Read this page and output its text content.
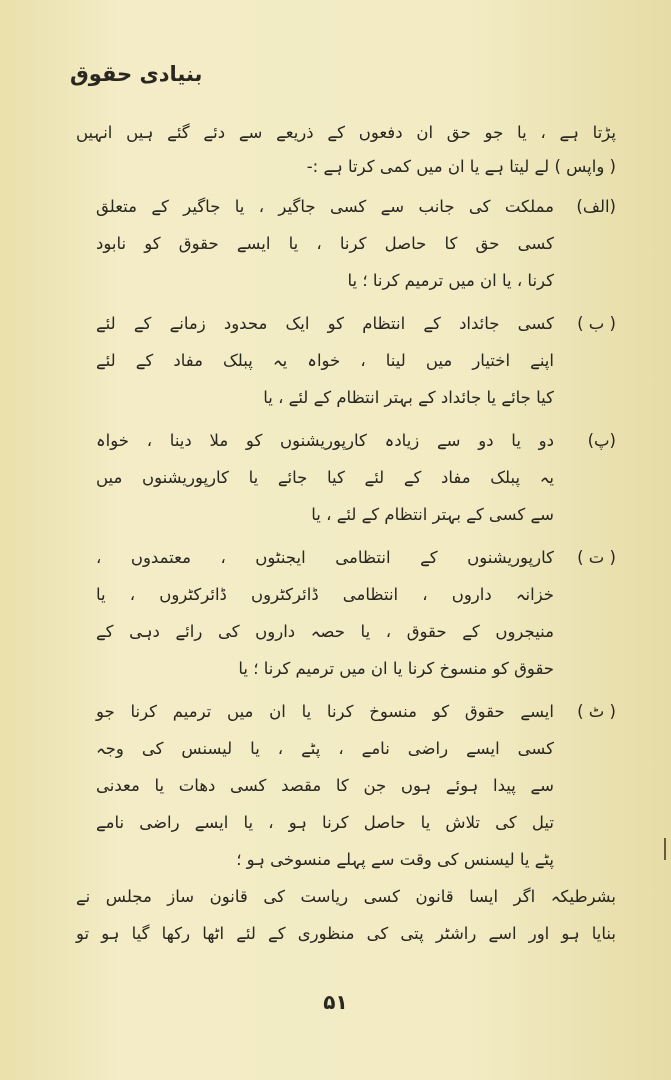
بنیادی حقوق

پڑتا ہے ، یا جو حق ان دفعوں کے ذریعے سے دئے گئے ہیں انہیں

( واپس ) لے لیتا ہے یا ان میں کمی کرتا ہے :-

(الف)

مملکت کی جانب سے کسی جاگیر ، یا جاگیر کے متعلق

کسی حق کا حاصل کرنا ، یا ایسے حقوق کو نابود

کرنا ، یا ان میں ترمیم کرنا ؛ یا

( ب )

کسی جائداد کے انتظام کو ایک محدود زمانے کے لئے

اپنے اختیار میں لینا ، خواہ یہ پبلک مفاد کے لئے

کیا جائے یا جائداد کے بہتر انتظام کے لئے ، یا

(پ)

دو یا دو سے زیادہ کارپوریشنوں کو ملا دینا ، خواہ

یہ پبلک مفاد کے لئے کیا جائے یا کارپوریشنوں میں

سے کسی کے بہتر انتظام کے لئے ، یا

( ت )

کارپوریشنوں کے انتظامی ایجنٹوں ، معتمدوں ،

خزانہ داروں ، انتظامی ڈائرکٹروں ڈائرکٹروں ، یا

منیجروں کے حقوق ، یا حصہ داروں کی رائے دہی کے

حقوق کو منسوخ کرنا یا ان میں ترمیم کرنا ؛ یا

( ٹ )

ایسے حقوق کو منسوخ کرنا یا ان میں ترمیم کرنا جو

کسی ایسے راضی نامے ، پٹے ، یا لیسنس کی وجہ

سے پیدا ہوئے ہوں جن کا مقصد کسی دھات یا معدنی

تیل کی تلاش یا حاصل کرنا ہو ، یا ایسے راضی نامے

پٹے یا لیسنس کی وقت سے پہلے منسوخی ہو ؛

بشرطیکہ اگر ایسا قانون کسی ریاست کی قانون ساز مجلس نے

بنایا ہو اور اسے راشٹر پتی کی منظوری کے لئے اٹھا رکھا گیا ہو تو

۵۱
